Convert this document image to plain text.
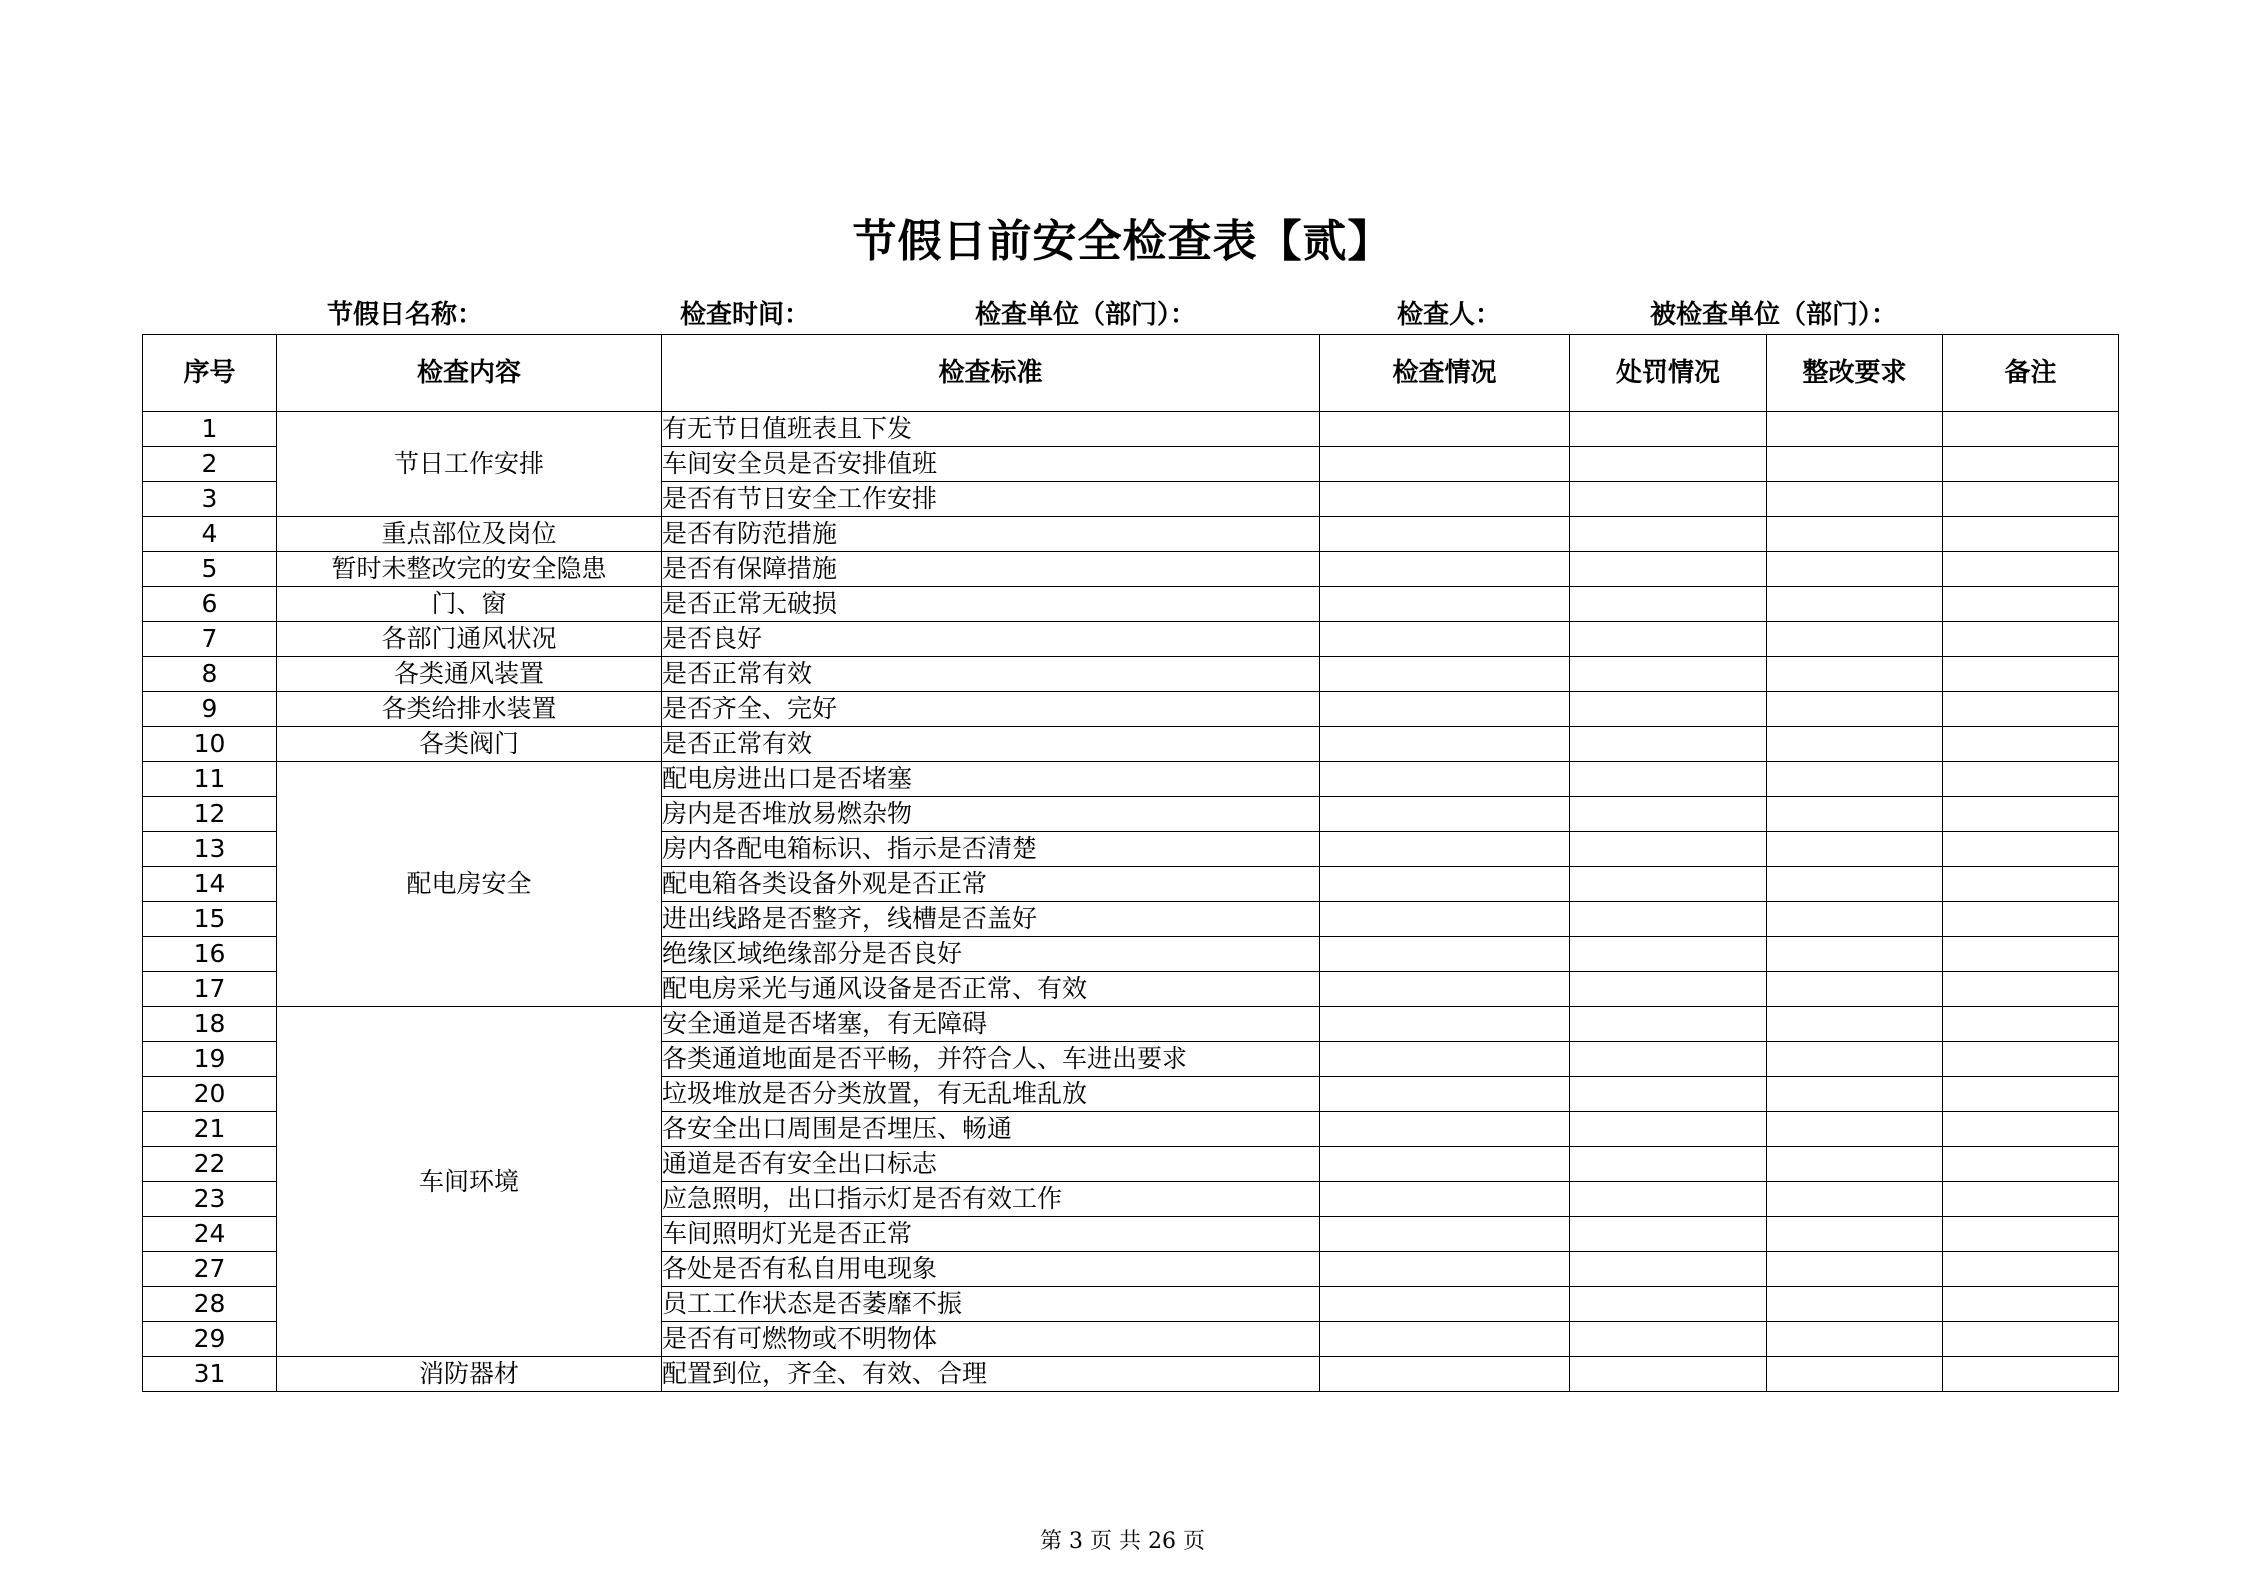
节假日前安全检查表【贰】
节假日名称：	检查时间：	检查单位（部门）：	检查人：	被检查单位（部门）：
序号	检查内容	检查标准	检查情况	处罚情况	整改要求	备注
1	节日工作安排	有无节日值班表且下发				
2		车间安全员是否安排值班				
3		是否有节日安全工作安排				
4	重点部位及岗位	是否有防范措施				
5	暂时未整改完的安全隐患	是否有保障措施				
6	门、窗	是否正常无破损				
7	各部门通风状况	是否良好				
8	各类通风装置	是否正常有效				
9	各类给排水装置	是否齐全、完好				
10	各类阀门	是否正常有效				
11	配电房安全	配电房进出口是否堵塞				
12		房内是否堆放易燃杂物				
13		房内各配电箱标识、指示是否清楚				
14		配电箱各类设备外观是否正常				
15		进出线路是否整齐，线槽是否盖好				
16		绝缘区域绝缘部分是否良好				
17		配电房采光与通风设备是否正常、有效				
18	车间环境	安全通道是否堵塞，有无障碍				
19		各类通道地面是否平畅，并符合人、车进出要求				
20		垃圾堆放是否分类放置，有无乱堆乱放				
21		各安全出口周围是否埋压、畅通				
22		通道是否有安全出口标志				
23		应急照明，出口指示灯是否有效工作				
24		车间照明灯光是否正常				
27		各处是否有私自用电现象				
28		员工工作状态是否萎靡不振				
29		是否有可燃物或不明物体				
31	消防器材	配置到位，齐全、有效、合理				
第 3 页 共 26 页
